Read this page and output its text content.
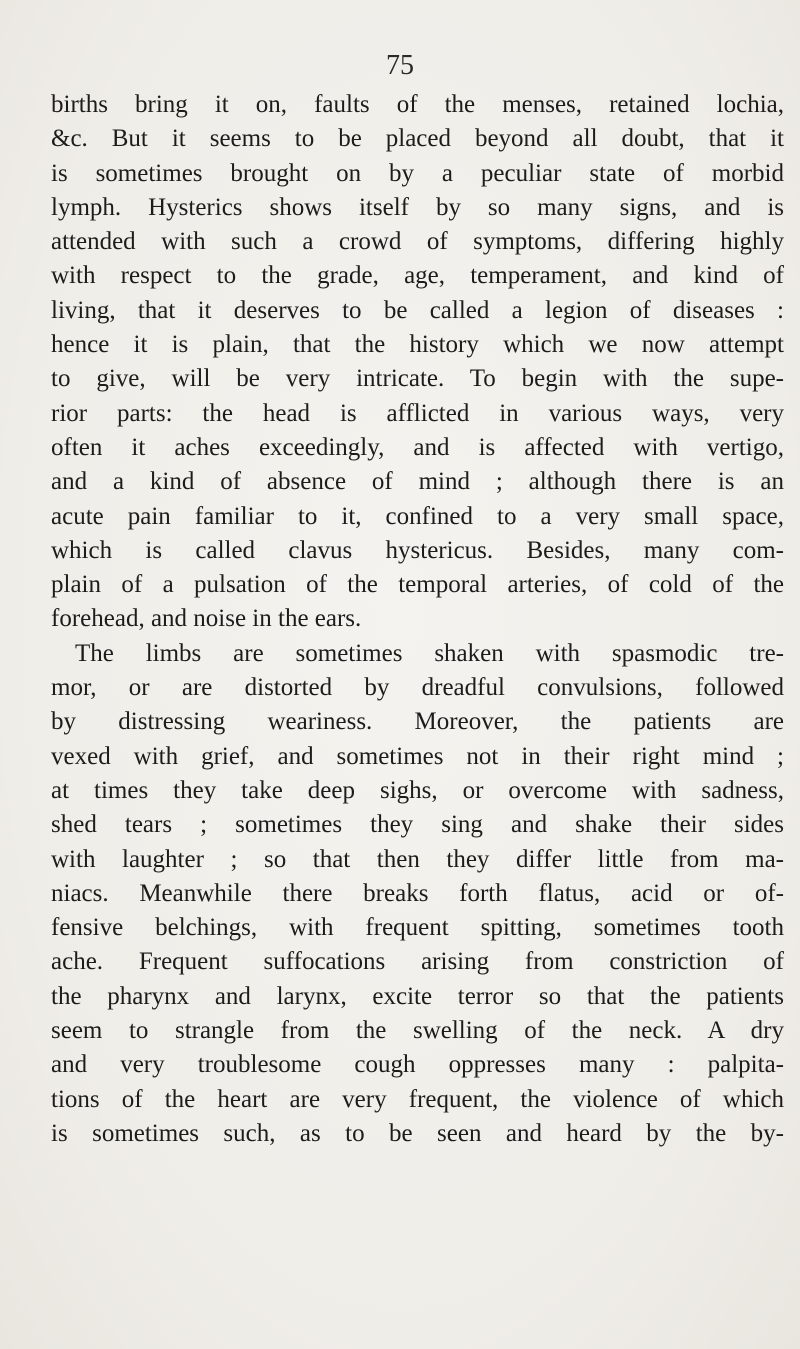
75
births bring it on, faults of the menses, retained lochia,
&c. But it seems to be placed beyond all doubt, that it
is sometimes brought on by a peculiar state of morbid
lymph. Hysterics shows itself by so many signs, and is
attended with such a crowd of symptoms, differing highly
with respect to the grade, age, temperament, and kind of
living, that it deserves to be called a legion of diseases :
hence it is plain, that the history which we now attempt
to give, will be very intricate. To begin with the supe-
rior parts: the head is afflicted in various ways, very
often it aches exceedingly, and is affected with vertigo,
and a kind of absence of mind ; although there is an
acute pain familiar to it, confined to a very small space,
which is called clavus hystericus. Besides, many com-
plain of a pulsation of the temporal arteries, of cold of the
forehead, and noise in the ears.
The limbs are sometimes shaken with spasmodic tre-
mor, or are distorted by dreadful convulsions, followed
by distressing weariness. Moreover, the patients are
vexed with grief, and sometimes not in their right mind ;
at times they take deep sighs, or overcome with sadness,
shed tears ; sometimes they sing and shake their sides
with laughter ; so that then they differ little from ma-
niacs. Meanwhile there breaks forth flatus, acid or of-
fensive belchings, with frequent spitting, sometimes tooth
ache. Frequent suffocations arising from constriction of
the pharynx and larynx, excite terror so that the patients
seem to strangle from the swelling of the neck. A dry
and very troublesome cough oppresses many : palpita-
tions of the heart are very frequent, the violence of which
is sometimes such, as to be seen and heard by the by-
